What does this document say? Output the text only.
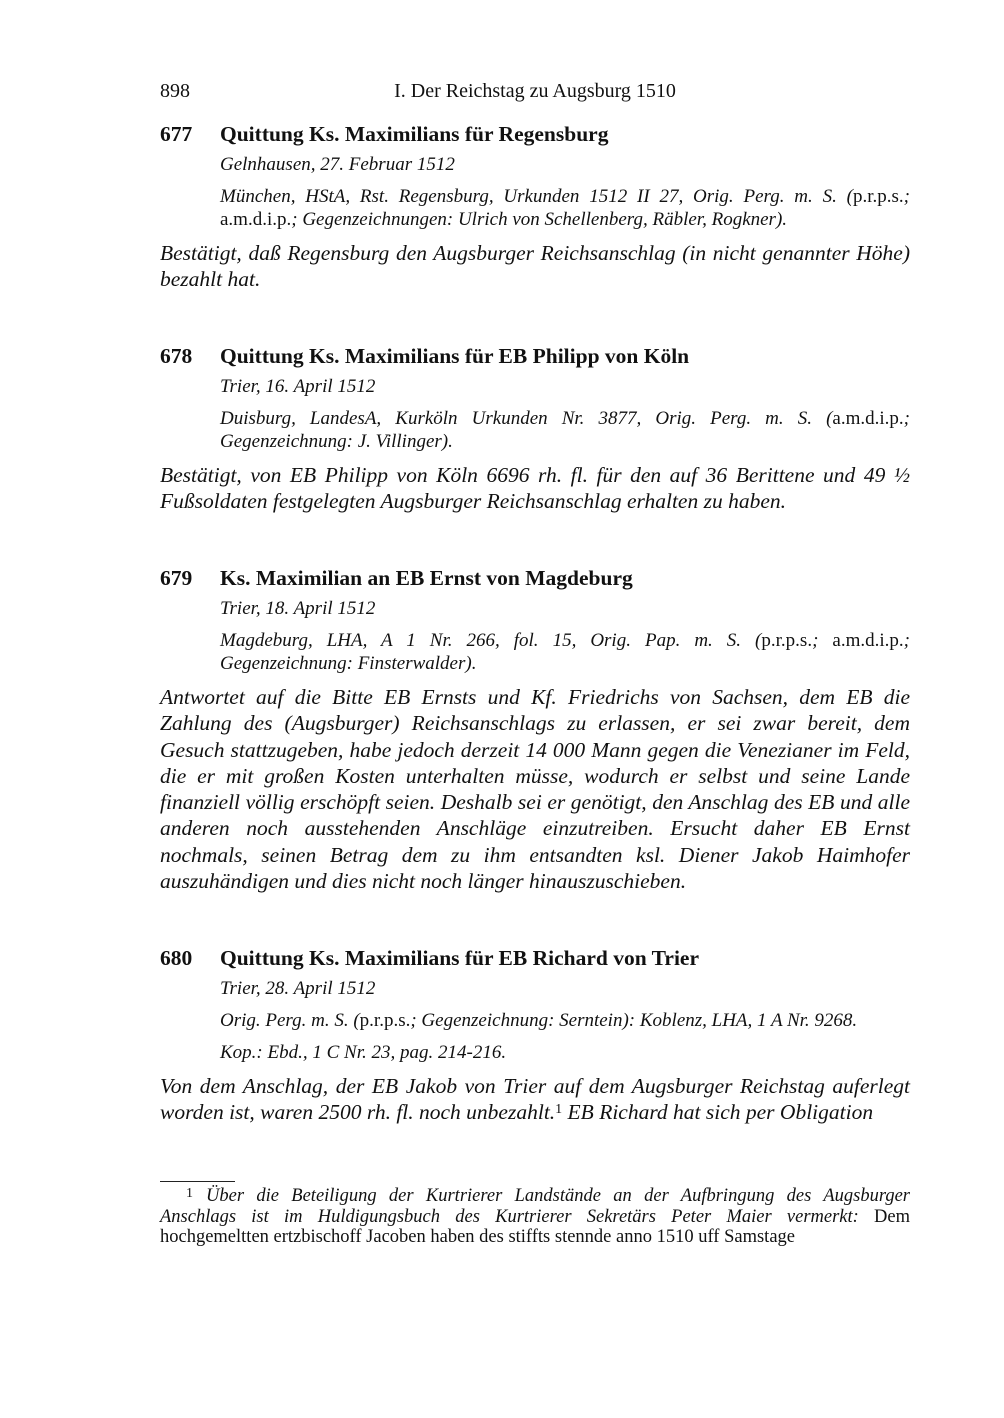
898	I. Der Reichstag zu Augsburg 1510
677 Quittung Ks. Maximilians für Regensburg
Gelnhausen, 27. Februar 1512
München, HStA, Rst. Regensburg, Urkunden 1512 II 27, Orig. Perg. m. S. (p.r.p.s.; a.m.d.i.p.; Gegenzeichnungen: Ulrich von Schellenberg, Räbler, Rogkner).
Bestätigt, daß Regensburg den Augsburger Reichsanschlag (in nicht genannter Höhe) bezahlt hat.
678 Quittung Ks. Maximilians für EB Philipp von Köln
Trier, 16. April 1512
Duisburg, LandesA, Kurköln Urkunden Nr. 3877, Orig. Perg. m. S. (a.m.d.i.p.; Gegenzeichnung: J. Villinger).
Bestätigt, von EB Philipp von Köln 6696 rh. fl. für den auf 36 Berittene und 49 ½ Fußsoldaten festgelegten Augsburger Reichsanschlag erhalten zu haben.
679 Ks. Maximilian an EB Ernst von Magdeburg
Trier, 18. April 1512
Magdeburg, LHA, A 1 Nr. 266, fol. 15, Orig. Pap. m. S. (p.r.p.s.; a.m.d.i.p.; Gegenzeichnung: Finsterwalder).
Antwortet auf die Bitte EB Ernsts und Kf. Friedrichs von Sachsen, dem EB die Zahlung des (Augsburger) Reichsanschlags zu erlassen, er sei zwar bereit, dem Gesuch stattzugeben, habe jedoch derzeit 14 000 Mann gegen die Venezianer im Feld, die er mit großen Kosten unterhalten müsse, wodurch er selbst und seine Lande finanziell völlig erschöpft seien. Deshalb sei er genötigt, den Anschlag des EB und alle anderen noch ausstehenden Anschläge einzutreiben. Ersucht daher EB Ernst nochmals, seinen Betrag dem zu ihm entsandten ksl. Diener Jakob Haimhofer auszuhändigen und dies nicht noch länger hinauszuschieben.
680 Quittung Ks. Maximilians für EB Richard von Trier
Trier, 28. April 1512
Orig. Perg. m. S. (p.r.p.s.; Gegenzeichnung: Serntein): Koblenz, LHA, 1 A Nr. 9268.
Kop.: Ebd., 1 C Nr. 23, pag. 214-216.
Von dem Anschlag, der EB Jakob von Trier auf dem Augsburger Reichstag auferlegt worden ist, waren 2500 rh. fl. noch unbezahlt.$^1$ EB Richard hat sich per Obligation
1 Über die Beteiligung der Kurtrierer Landstände an der Aufbringung des Augsburger Anschlags ist im Huldigungsbuch des Kurtrierer Sekretärs Peter Maier vermerkt: Dem hochgemeltten ertzbischoff Jacoben haben des stiffts stennde anno 1510 uff Samstage
